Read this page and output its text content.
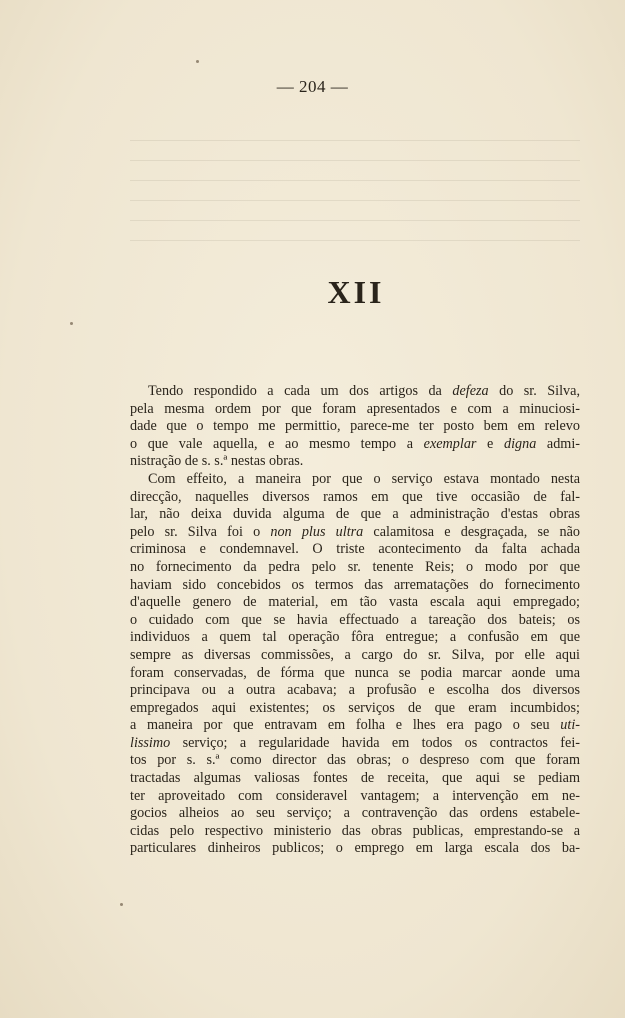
— 204 —
XII
Tendo respondido a cada um dos artigos da defeza do sr. Silva,
pela mesma ordem por que foram apresentados e com a minuciosi-
dade que o tempo me permittio, parece-me ter posto bem em relevo
o que vale aquella, e ao mesmo tempo a exemplar e digna admi-
nistração de s. s.ª nestas obras.
Com effeito, a maneira por que o serviço estava montado nesta
direcção, naquelles diversos ramos em que tive occasião de fal-
lar, não deixa duvida alguma de que a administração d'estas obras
pelo sr. Silva foi o non plus ultra calamitosa e desgraçada, se não
criminosa e condemnavel. O triste acontecimento da falta achada
no fornecimento da pedra pelo sr. tenente Reis; o modo por que
haviam sido concebidos os termos das arrematações do fornecimento
d'aquelle genero de material, em tão vasta escala aqui empregado;
o cuidado com que se havia effectuado a tareação dos bateis; os
individuos a quem tal operação fôra entregue; a confusão em que
sempre as diversas commissões, a cargo do sr. Silva, por elle aqui
foram conservadas, de fórma que nunca se podia marcar aonde uma
principava ou a outra acabava; a profusão e escolha dos diversos
empregados aqui existentes; os serviços de que eram incumbidos;
a maneira por que entravam em folha e lhes era pago o seu uti-
lissimo serviço; a regularidade havida em todos os contractos fei-
tos por s. s.ª como director das obras; o despreso com que foram
tractadas algumas valiosas fontes de receita, que aqui se pediam
ter aproveitado com consideravel vantagem; a intervenção em ne-
gocios alheios ao seu serviço; a contravenção das ordens estabele-
cidas pelo respectivo ministerio das obras publicas, emprestando-se a
particulares dinheiros publicos; o emprego em larga escala dos ba-
